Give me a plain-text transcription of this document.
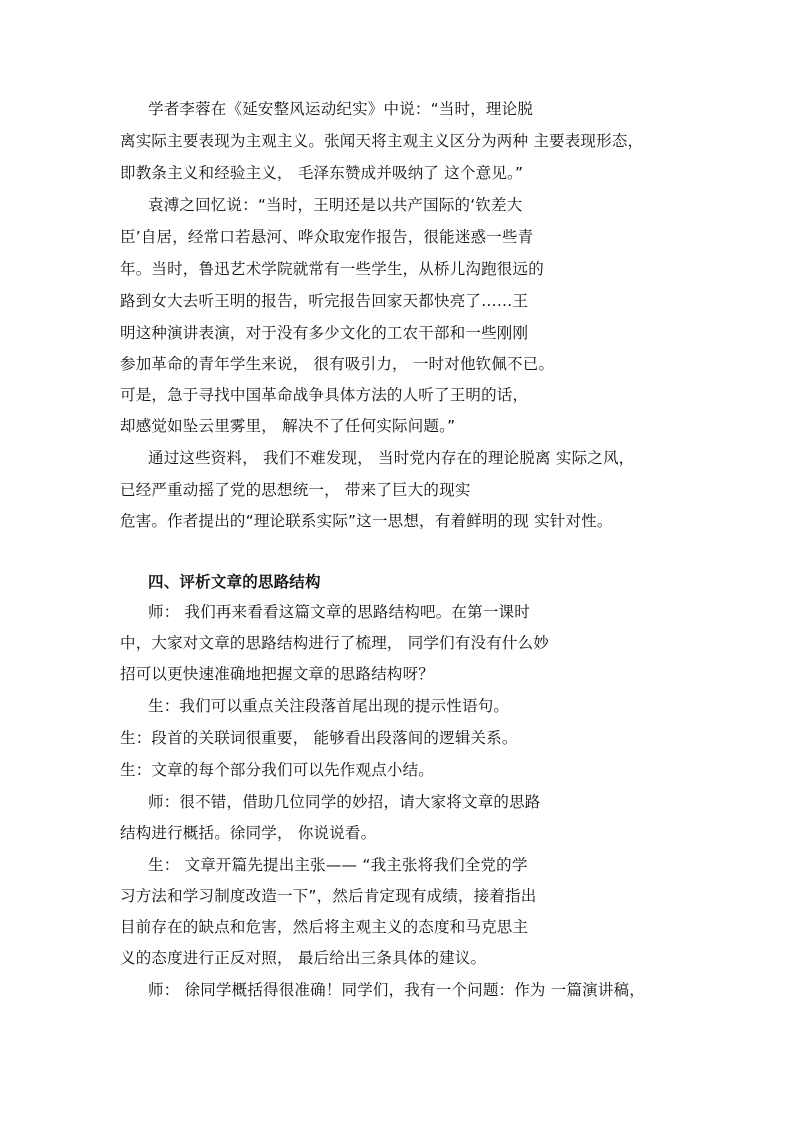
学者李蓉在《延安整风运动纪实》中说：“当时，理论脱
离实际主要表现为主观主义。张闻天将主观主义区分为两种 主要表现形态，
即教条主义和经验主义， 毛泽东赞成并吸纳了 这个意见。”
袁溥之回忆说：“当时，王明还是以共产国际的‘钦差大
臣’自居，经常口若悬河、哗众取宠作报告，很能迷惑一些青
年。当时，鲁迅艺术学院就常有一些学生，从桥儿沟跑很远的
路到女大去听王明的报告，听完报告回家天都快亮了……王
明这种演讲表演，对于没有多少文化的工农干部和一些刚刚
参加革命的青年学生来说， 很有吸引力， 一时对他钦佩不已。
可是，急于寻找中国革命战争具体方法的人听了王明的话，
却感觉如坠云里雾里， 解决不了任何实际问题。”
通过这些资料， 我们不难发现， 当时党内存在的理论脱离 实际之风，
已经严重动摇了党的思想统一， 带来了巨大的现实
危害。作者提出的“理论联系实际”这一思想，有着鲜明的现 实针对性。
四、评析文章的思路结构
师： 我们再来看看这篇文章的思路结构吧。在第一课时
中，大家对文章的思路结构进行了梳理， 同学们有没有什么妙
招可以更快速准确地把握文章的思路结构呀？
生：我们可以重点关注段落首尾出现的提示性语句。
生：段首的关联词很重要， 能够看出段落间的逻辑关系。
生：文章的每个部分我们可以先作观点小结。
师：很不错，借助几位同学的妙招，请大家将文章的思路
结构进行概括。徐同学， 你说说看。
生： 文章开篇先提出主张—— “我主张将我们全党的学
习方法和学习制度改造一下”，然后肯定现有成绩，接着指出
目前存在的缺点和危害，然后将主观主义的态度和马克思主
义的态度进行正反对照， 最后给出三条具体的建议。
师： 徐同学概括得很准确！同学们，我有一个问题：作为 一篇演讲稿，
